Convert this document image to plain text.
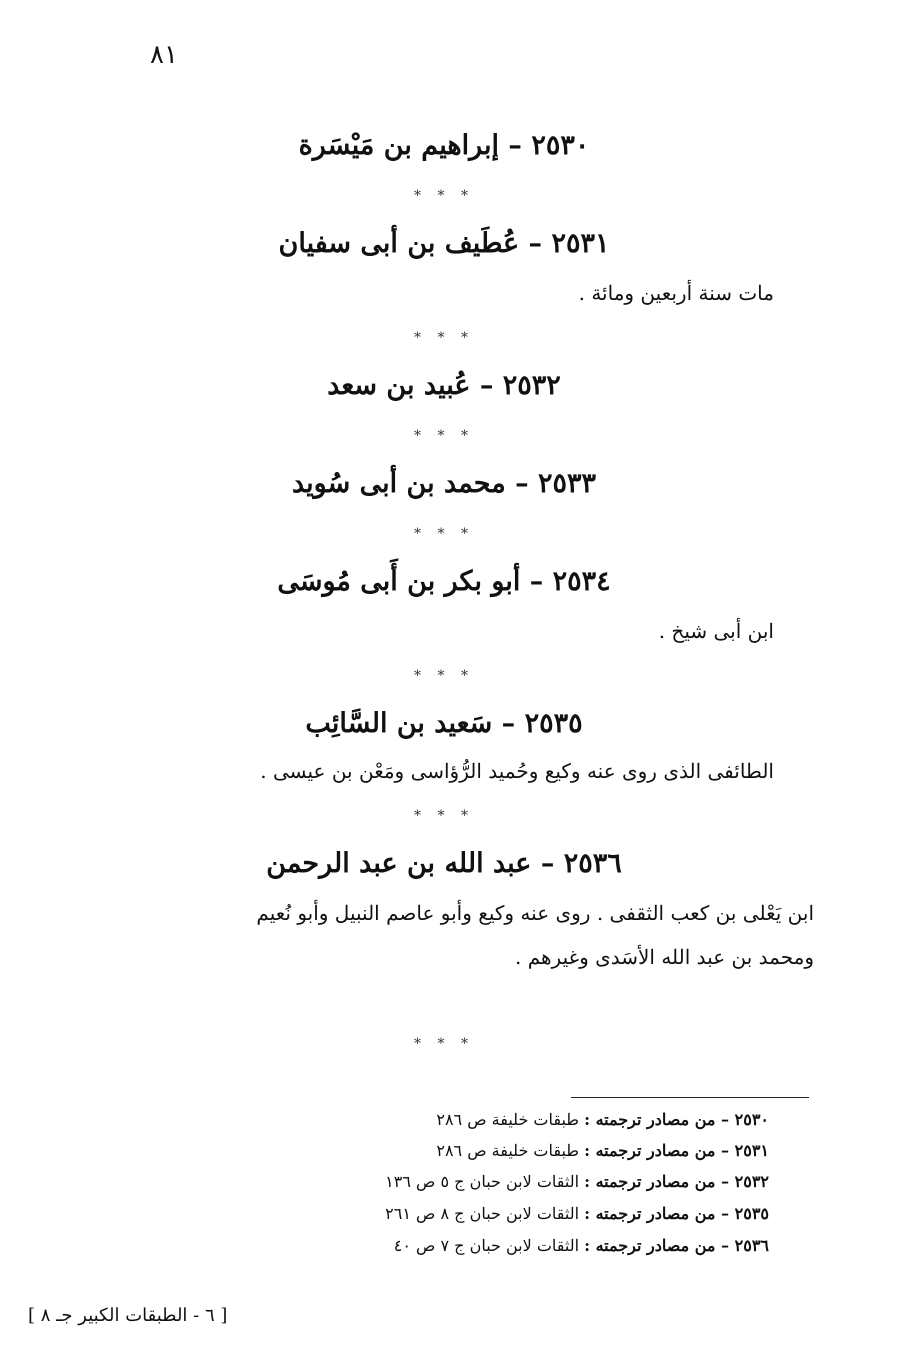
٨١
٢٥٣٠ – إبراهيم بن مَيْسَرة
* * *
٢٥٣١ – عُطَيف بن أبى سفيان
مات سنة أربعين ومائة .
* * *
٢٥٣٢ – عُبيد بن سعد
* * *
٢٥٣٣ – محمد بن أبى سُويد
* * *
٢٥٣٤ – أبو بكر بن أَبى مُوسَى
ابن أبى شيخ .
* * *
٢٥٣٥ – سَعيد بن السَّائِب
الطائفى الذى روى عنه وكيع وحُميد الرُّؤاسى ومَعْن بن عيسى .
* * *
٢٥٣٦ – عبد الله بن عبد الرحمن
ابن يَعْلى بن كعب الثقفى . روى عنه وكيع وأبو عاصم النبيل وأبو نُعيم
ومحمد بن عبد الله الأسَدى وغيرهم .
* * *
٢٥٣٠ – من مصادر ترجمته : طبقات خليفة ص ٢٨٦
٢٥٣١ – من مصادر ترجمته : طبقات خليفة ص ٢٨٦
٢٥٣٢ – من مصادر ترجمته : الثقات لابن حبان ج ٥ ص ١٣٦
٢٥٣٥ – من مصادر ترجمته : الثقات لابن حبان ج ٨ ص ٢٦١
٢٥٣٦ – من مصادر ترجمته : الثقات لابن حبان ج ٧ ص ٤٠
[ ٦ - الطبقات الكبير جـ ٨ ]
